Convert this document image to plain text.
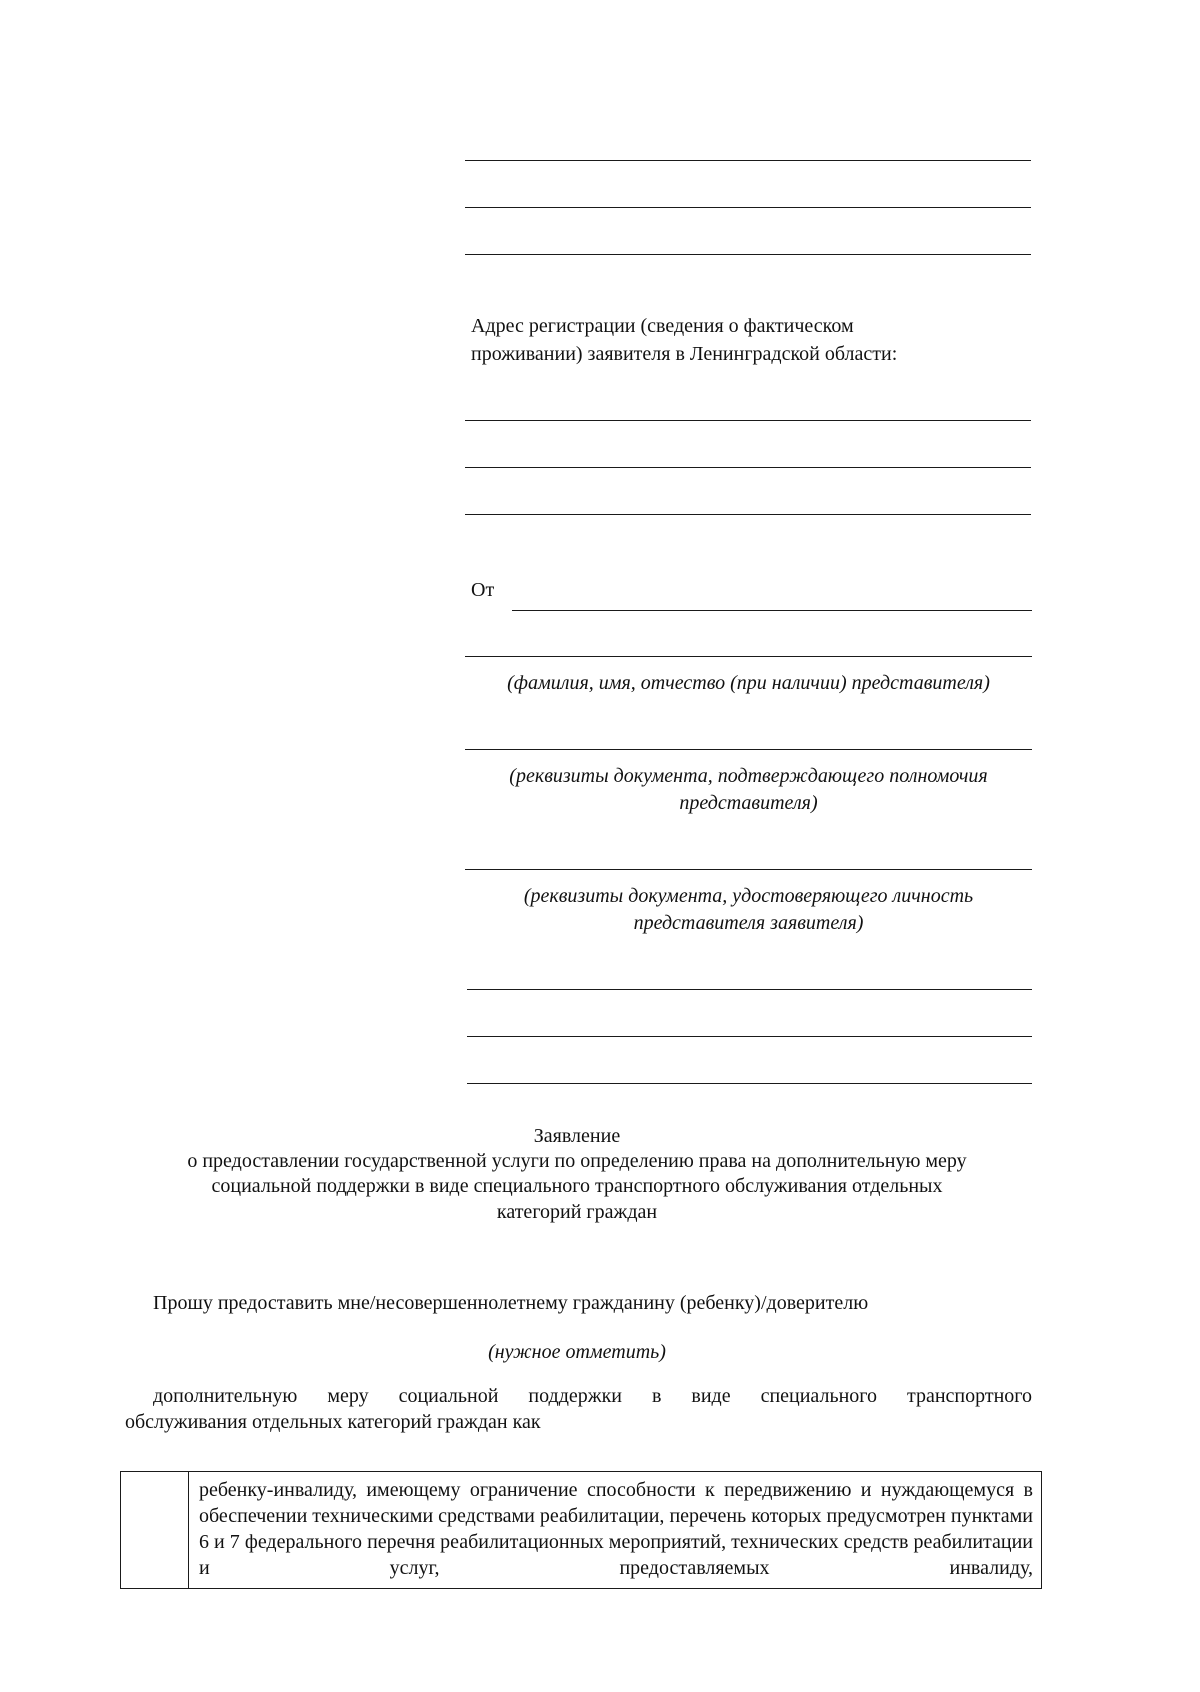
Адрес регистрации (сведения о фактическом
проживании) заявителя в Ленинградской области:
От
(фамилия, имя, отчество (при наличии) представителя)
(реквизиты документа, подтверждающего полномочия
представителя)
(реквизиты документа, удостоверяющего личность
представителя заявителя)
Заявление
о предоставлении государственной услуги по определению права на дополнительную меру
социальной поддержки в виде специального транспортного обслуживания отдельных
категорий граждан
Прошу предоставить мне/несовершеннолетнему гражданину (ребенку)/доверителю
(нужное отметить)
дополнительную меру социальной поддержки в виде специального транспортного
обслуживания отдельных категорий граждан как
ребенку-инвалиду, имеющему ограничение способности к передвижению и нуждающемуся в обеспечении техническими средствами реабилитации, перечень которых предусмотрен пунктами 6 и 7 федерального перечня реабилитационных мероприятий, технических средств реабилитации и услуг, предоставляемых инвалиду,
